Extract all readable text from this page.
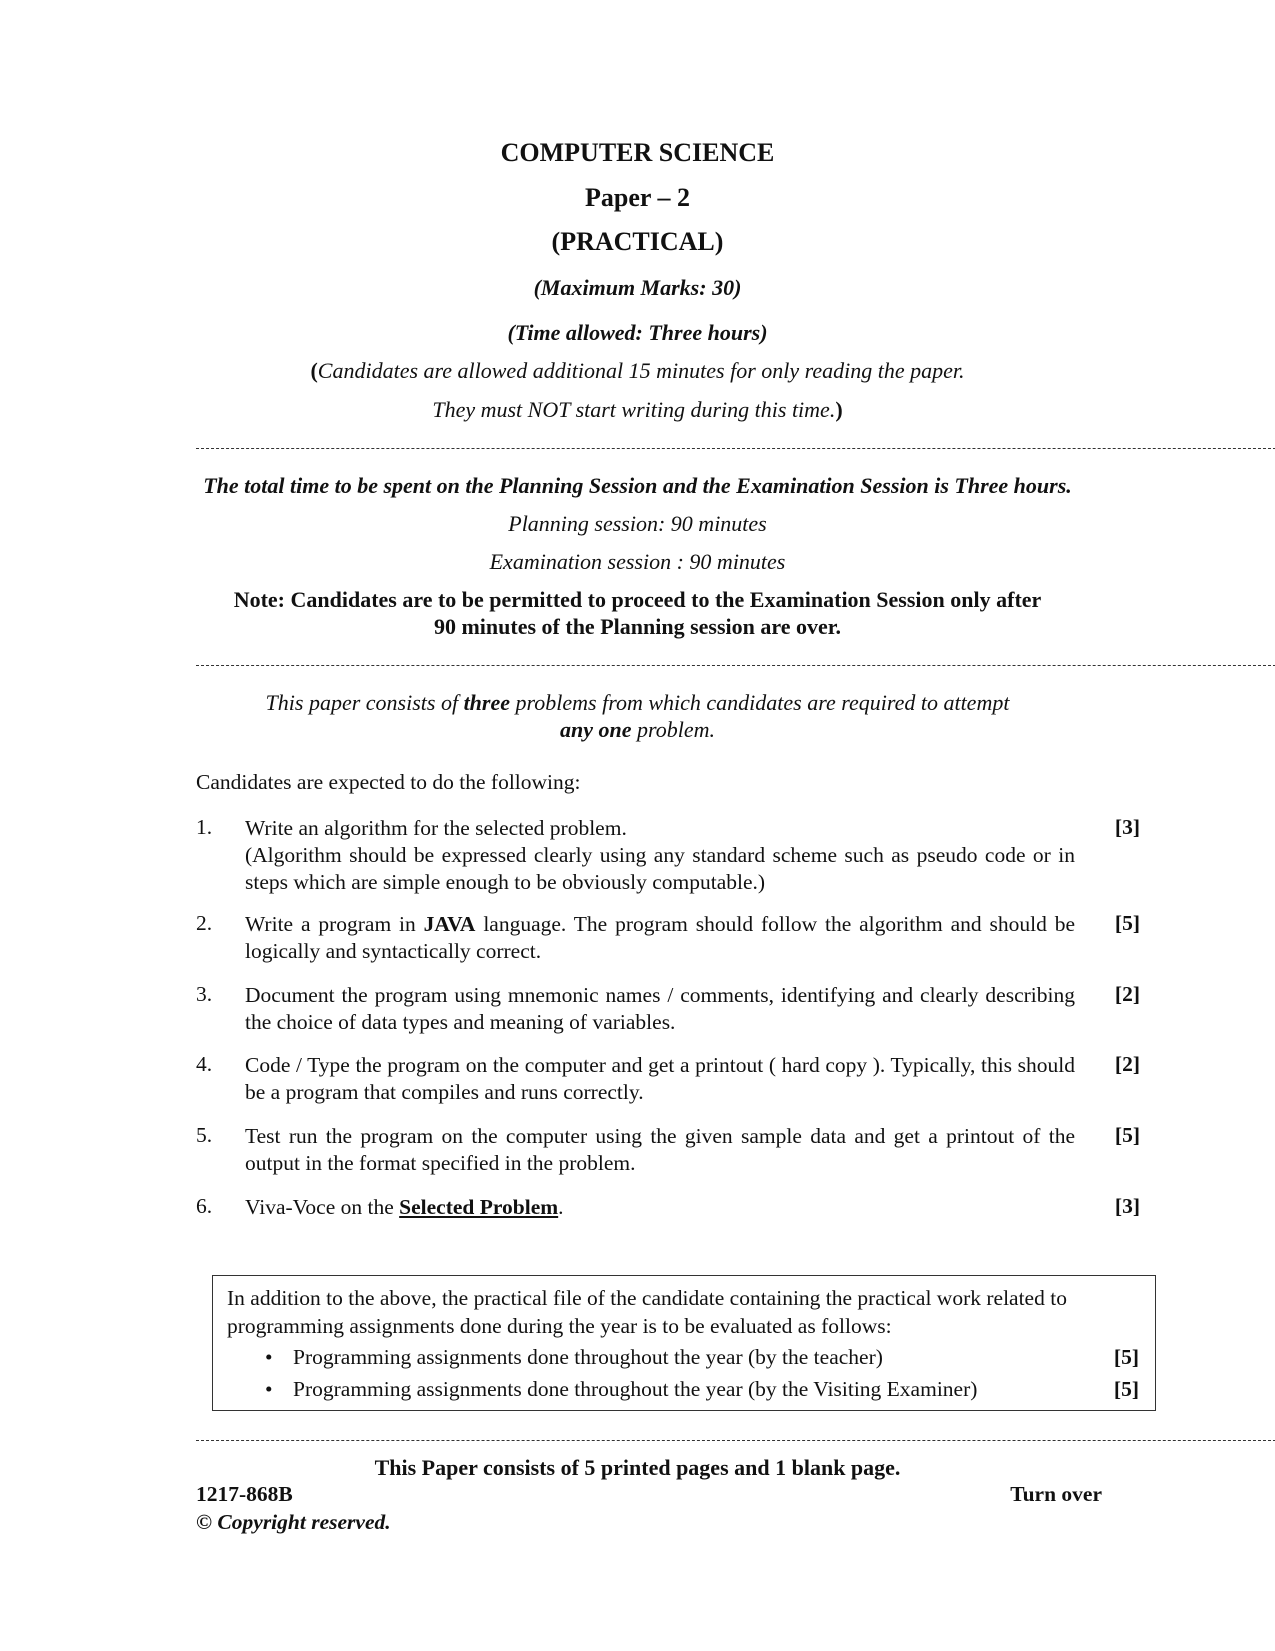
COMPUTER SCIENCE
Paper – 2
(PRACTICAL)
(Maximum Marks: 30)
(Time allowed: Three hours)
(Candidates are allowed additional 15 minutes for only reading the paper.
They must NOT start writing during this time.)
The total time to be spent on the Planning Session and the Examination Session is Three hours.
Planning session: 90 minutes
Examination session : 90 minutes
Note: Candidates are to be permitted to proceed to the Examination Session only after
90 minutes of the Planning session are over.
This paper consists of three problems from which candidates are required to attempt
any one problem.
Candidates are expected to do the following:
1. Write an algorithm for the selected problem.
(Algorithm should be expressed clearly using any standard scheme such as pseudo code or in steps which are simple enough to be obviously computable.)
[3]
2. Write a program in JAVA language. The program should follow the algorithm and should be logically and syntactically correct.
[5]
3. Document the program using mnemonic names / comments, identifying and clearly describing the choice of data types and meaning of variables.
[2]
4. Code / Type the program on the computer and get a printout ( hard copy ). Typically, this should be a program that compiles and runs correctly.
[2]
5. Test run the program on the computer using the given sample data and get a printout of the output in the format specified in the problem.
[5]
6. Viva-Voce on the Selected Problem.	[3]
In addition to the above, the practical file of the candidate containing the practical work related to programming assignments done during the year is to be evaluated as follows:
• Programming assignments done throughout the year (by the teacher)	[5]
• Programming assignments done throughout the year (by the Visiting Examiner)	[5]
This Paper consists of 5 printed pages and 1 blank page.
1217-868B	Turn over
© Copyright reserved.
